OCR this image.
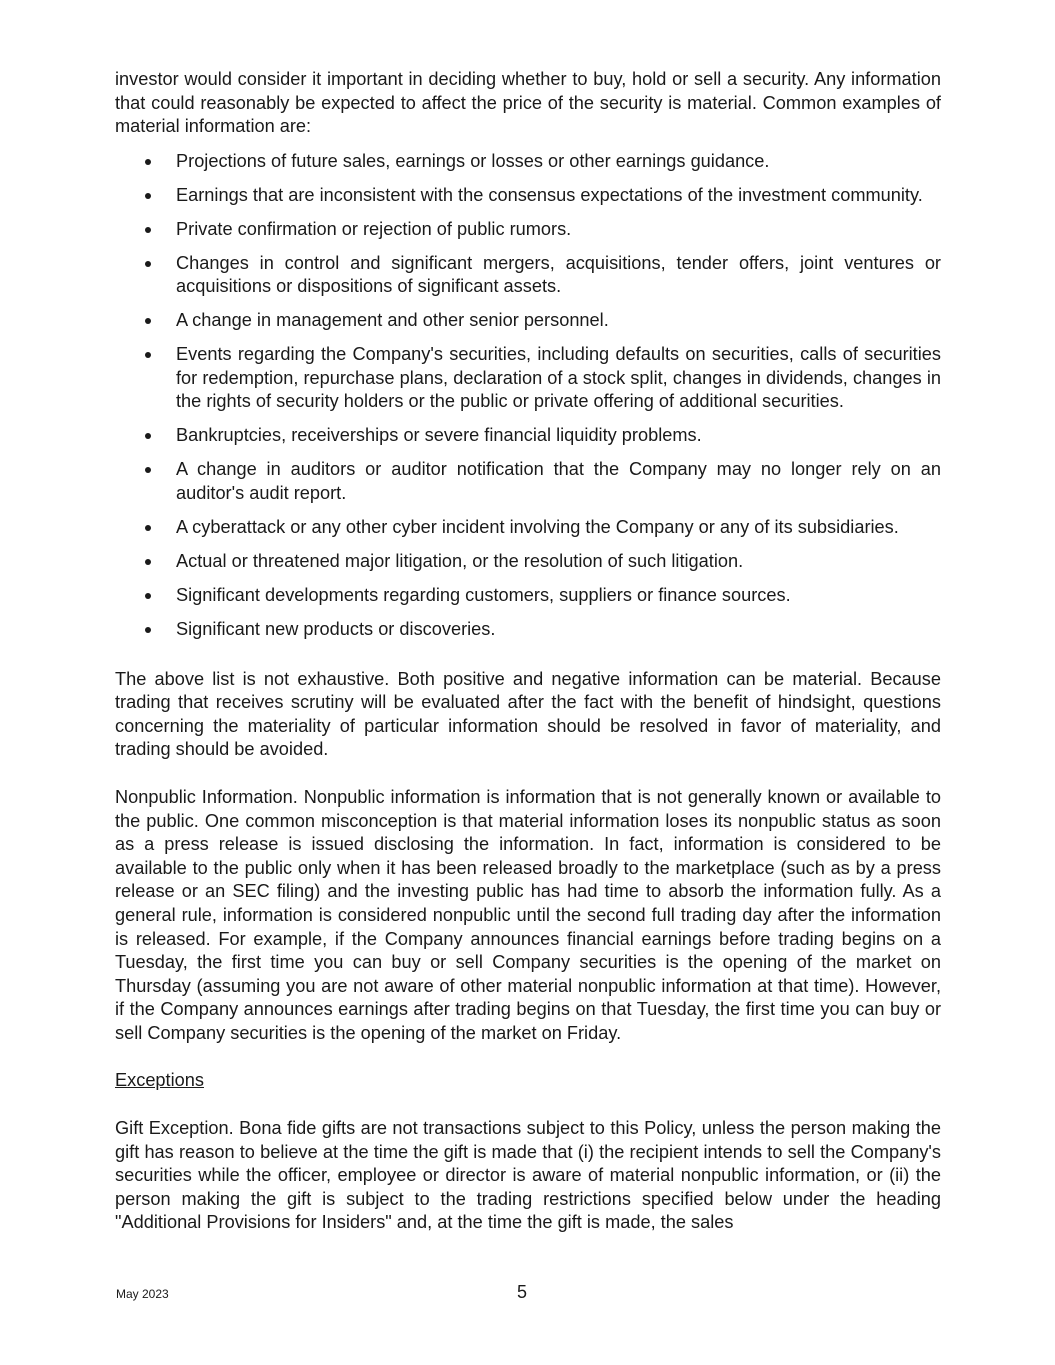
investor would consider it important in deciding whether to buy, hold or sell a security. Any information that could reasonably be expected to affect the price of the security is material. Common examples of material information are:

Projections of future sales, earnings or losses or other earnings guidance.
Earnings that are inconsistent with the consensus expectations of the investment community.
Private confirmation or rejection of public rumors.
Changes in control and significant mergers, acquisitions, tender offers, joint ventures or acquisitions or dispositions of significant assets.
A change in management and other senior personnel.
Events regarding the Company's securities, including defaults on securities, calls of securities for redemption, repurchase plans, declaration of a stock split, changes in dividends, changes in the rights of security holders or the public or private offering of additional securities.
Bankruptcies, receiverships or severe financial liquidity problems.
A change in auditors or auditor notification that the Company may no longer rely on an auditor's audit report.
A cyberattack or any other cyber incident involving the Company or any of its subsidiaries.
Actual or threatened major litigation, or the resolution of such litigation.
Significant developments regarding customers, suppliers or finance sources.
Significant new products or discoveries.

The above list is not exhaustive. Both positive and negative information can be material. Because trading that receives scrutiny will be evaluated after the fact with the benefit of hindsight, questions concerning the materiality of particular information should be resolved in favor of materiality, and trading should be avoided.

Nonpublic Information. Nonpublic information is information that is not generally known or available to the public. One common misconception is that material information loses its nonpublic status as soon as a press release is issued disclosing the information. In fact, information is considered to be available to the public only when it has been released broadly to the marketplace (such as by a press release or an SEC filing) and the investing public has had time to absorb the information fully. As a general rule, information is considered nonpublic until the second full trading day after the information is released. For example, if the Company announces financial earnings before trading begins on a Tuesday, the first time you can buy or sell Company securities is the opening of the market on Thursday (assuming you are not aware of other material nonpublic information at that time). However, if the Company announces earnings after trading begins on that Tuesday, the first time you can buy or sell Company securities is the opening of the market on Friday.

Exceptions

Gift Exception. Bona fide gifts are not transactions subject to this Policy, unless the person making the gift has reason to believe at the time the gift is made that (i) the recipient intends to sell the Company's securities while the officer, employee or director is aware of material nonpublic information, or (ii) the person making the gift is subject to the trading restrictions specified below under the heading "Additional Provisions for Insiders" and, at the time the gift is made, the sales

May 2023	5
